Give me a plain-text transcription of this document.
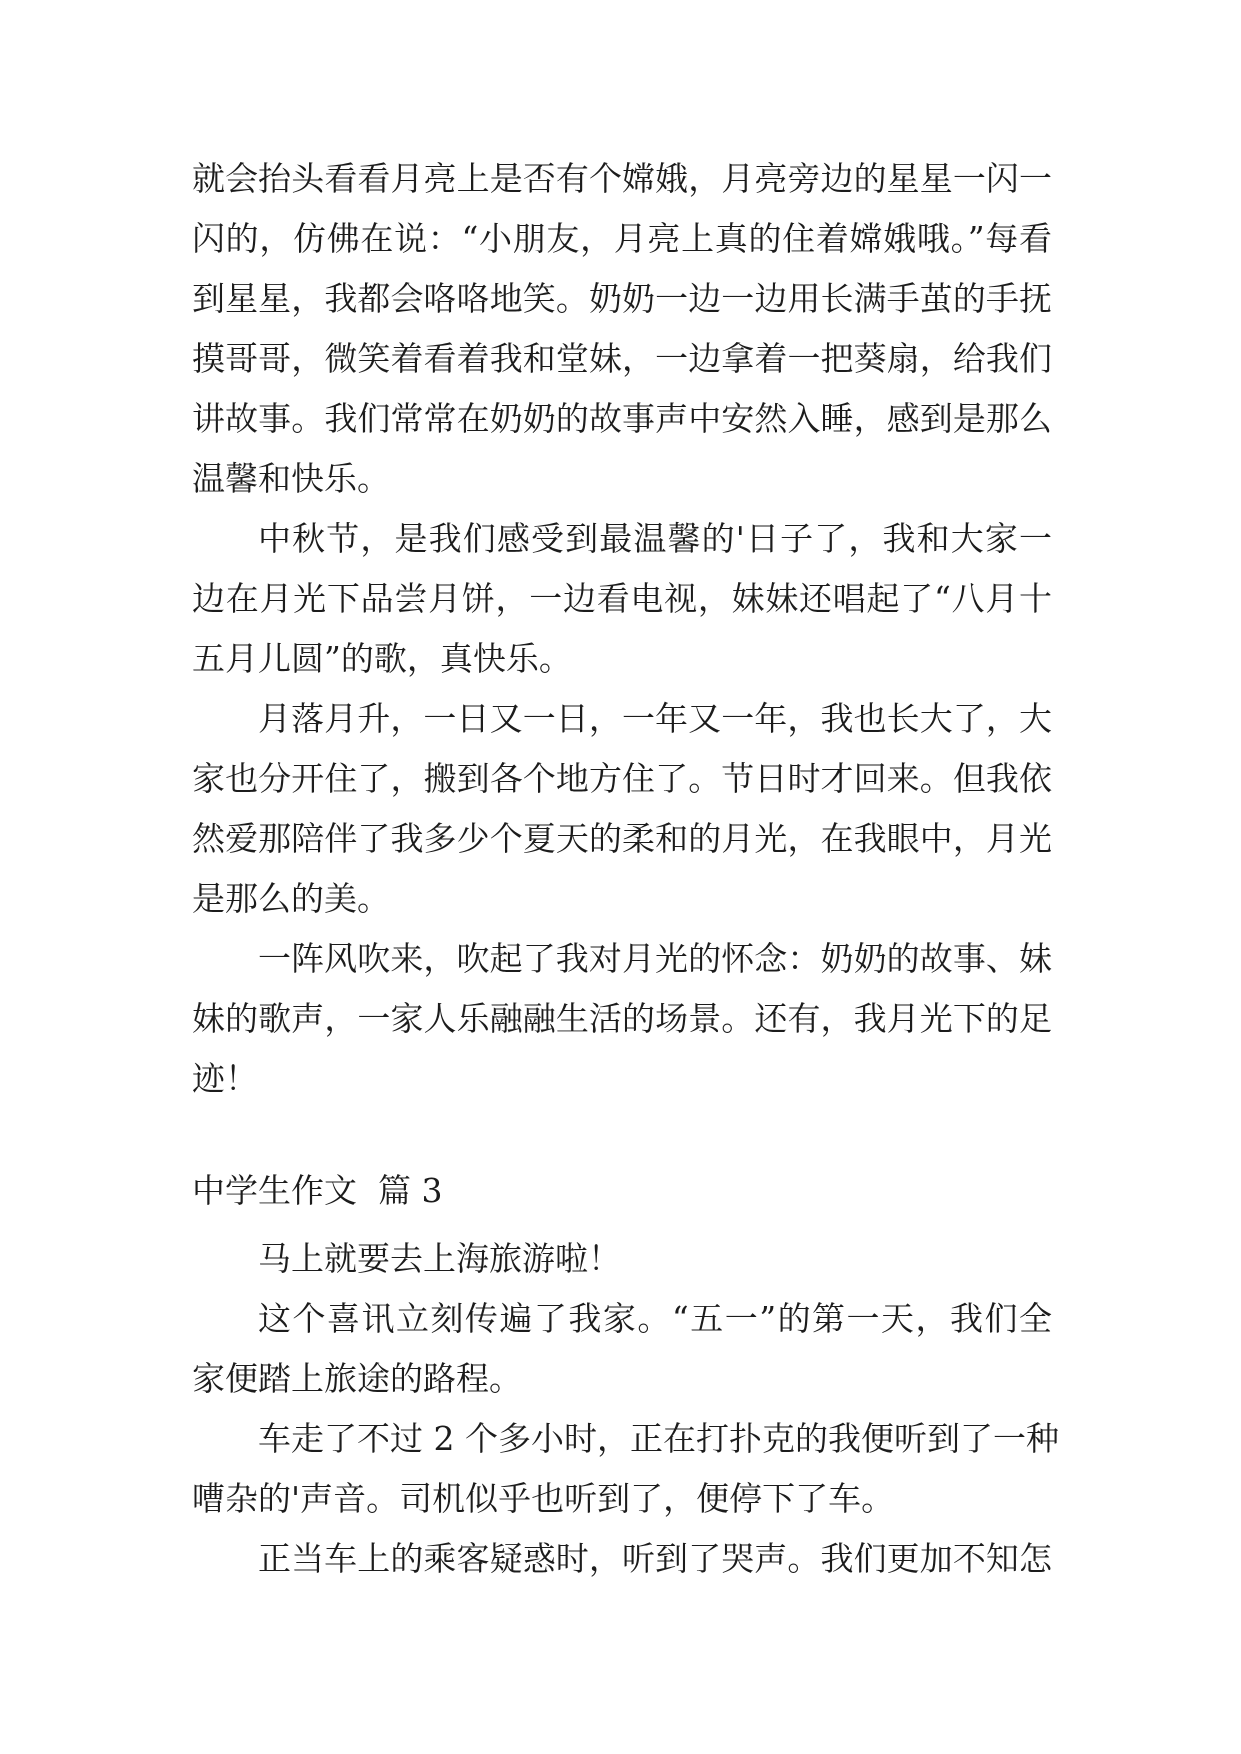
就会抬头看看月亮上是否有个嫦娥，月亮旁边的星星一闪一
闪的，仿佛在说：“小朋友，月亮上真的住着嫦娥哦。”每看
到星星，我都会咯咯地笑。奶奶一边一边用长满手茧的手抚
摸哥哥，微笑着看着我和堂妹，一边拿着一把葵扇，给我们
讲故事。我们常常在奶奶的故事声中安然入睡，感到是那么
温馨和快乐。
中秋节，是我们感受到最温馨的'日子了，我和大家一
边在月光下品尝月饼，一边看电视，妹妹还唱起了“八月十
五月儿圆”的歌，真快乐。
月落月升，一日又一日，一年又一年，我也长大了，大
家也分开住了，搬到各个地方住了。节日时才回来。但我依
然爱那陪伴了我多少个夏天的柔和的月光，在我眼中，月光
是那么的美。
一阵风吹来，吹起了我对月光的怀念：奶奶的故事、妹
妹的歌声，一家人乐融融生活的场景。还有，我月光下的足
迹！
中学生作文  篇 3
马上就要去上海旅游啦！
这个喜讯立刻传遍了我家。“五一”的第一天，我们全
家便踏上旅途的路程。
车走了不过 2 个多小时，正在打扑克的我便听到了一种
嘈杂的'声音。司机似乎也听到了，便停下了车。
正当车上的乘客疑惑时，听到了哭声。我们更加不知怎
